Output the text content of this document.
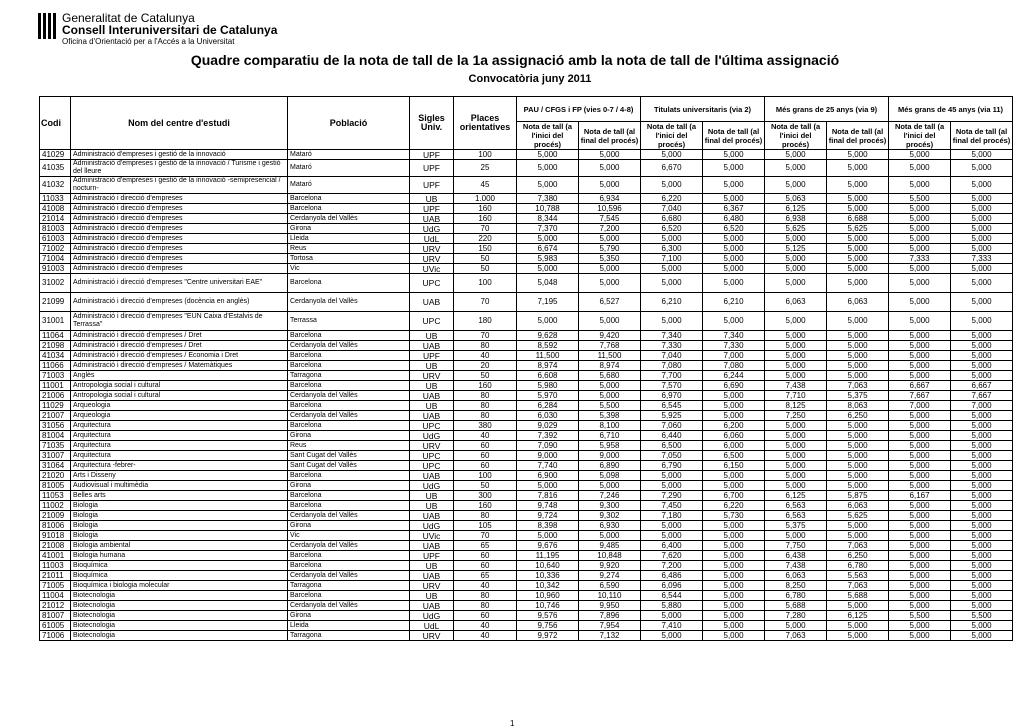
Generalitat de Catalunya
Consell Interuniversitari de Catalunya
Oficina d'Orientació per a l'Accés a la Universitat
Quadre comparatiu de la nota de tall de la 1a assignació amb la nota de tall de l'última assignació
Convocatòria juny 2011
Codi	Nom del centre d'estudi	Població	Sigles Univ.	Places orientatives	PAU / CFGS i FP (vies 0-7 / 4-8)		Titulats universitaris (via 2)		Més grans de 25 anys (via 9)		Més grans de 45 anys (via 11)	
					Nota de tall (a l'inici del procés)	Nota de tall (al final del procés)	Nota de tall (a l'inici del procés)	Nota de tall (al final del procés)	Nota de tall (a l'inici del procés)	Nota de tall (al final del procés)	Nota de tall (a l'inici del procés)	Nota de tall (al final del procés)
41029	Administració d'empreses i gestió de la innovació	Mataró	UPF	100	5,000	5,000	5,000	5,000	5,000	5,000	5,000	5,000
41035	Administració d'empreses i gestió de la innovació / Turisme i gestió del lleure	Mataró	UPF	25	5,000	5,000	6,670	5,000	5,000	5,000	5,000	5,000
41032	Administració d'empreses i gestió de la innovació -semipresencial / nocturn-	Mataró	UPF	45	5,000	5,000	5,000	5,000	5,000	5,000	5,000	5,000
11033	Administració i direcció d'empreses	Barcelona	UB	1.000	7,380	6,934	6,220	5,000	5,063	5,000	5,500	5,000
41008	Administració i direcció d'empreses	Barcelona	UPF	160	10,788	10,596	7,040	6,367	6,125	5,000	5,000	5,000
21014	Administració i direcció d'empreses	Cerdanyola del Vallès	UAB	160	8,344	7,545	6,680	6,480	6,938	6,688	5,000	5,000
81003	Administració i direcció d'empreses	Girona	UdG	70	7,370	7,200	6,520	6,520	5,625	5,625	5,000	5,000
61003	Administració i direcció d'empreses	Lleida	UdL	220	5,000	5,000	5,000	5,000	5,000	5,000	5,000	5,000
71002	Administració i direcció d'empreses	Reus	URV	150	6,674	5,790	6,300	5,000	5,125	5,000	5,000	5,000
71004	Administració i direcció d'empreses	Tortosa	URV	50	5,983	5,350	7,100	5,000	5,000	5,000	7,333	7,333
91003	Administració i direcció d'empreses	Vic	UVic	50	5,000	5,000	5,000	5,000	5,000	5,000	5,000	5,000
31002	Administració i direcció d'empreses "Centre universitari EAE"	Barcelona	UPC	100	5,048	5,000	5,000	5,000	5,000	5,000	5,000	5,000
21099	Administració i direcció d'empreses (docència en anglès)	Cerdanyola del Vallès	UAB	70	7,195	6,527	6,210	6,210	6,063	6,063	5,000	5,000
31001	Administració i direcció d'empreses "EUN Caixa d'Estalvis de Terrassa"	Terrassa	UPC	180	5,000	5,000	5,000	5,000	5,000	5,000	5,000	5,000
11064	Administració i direcció d'empreses / Dret	Barcelona	UB	70	9,628	9,420	7,340	7,340	5,000	5,000	5,000	5,000
21098	Administració i direcció d'empreses / Dret	Cerdanyola del Vallès	UAB	80	8,592	7,768	7,330	7,330	5,000	5,000	5,000	5,000
41034	Administració i direcció d'empreses / Economia i Dret	Barcelona	UPF	40	11,500	11,500	7,040	7,000	5,000	5,000	5,000	5,000
11066	Administració i direcció d'empreses / Matemàtiques	Barcelona	UB	20	8,974	8,974	7,080	7,080	5,000	5,000	5,000	5,000
71003	Anglès	Tarragona	URV	50	6,608	5,680	7,700	6,244	5,000	5,000	5,000	5,000
11001	Antropologia social i cultural	Barcelona	UB	160	5,980	5,000	7,570	6,690	7,438	7,063	6,667	6,667
21006	Antropologia social i cultural	Cerdanyola del Vallès	UAB	80	5,970	5,000	6,970	5,000	7,710	5,375	7,667	7,667
11029	Arqueologia	Barcelona	UB	80	6,284	5,500	6,545	5,000	8,125	8,063	7,000	7,000
21007	Arqueologia	Cerdanyola del Vallès	UAB	80	6,030	5,398	5,925	5,000	7,250	6,250	5,000	5,000
31056	Arquitectura	Barcelona	UPC	380	9,029	8,100	7,060	6,200	5,000	5,000	5,000	5,000
81004	Arquitectura	Girona	UdG	40	7,392	6,710	6,440	6,060	5,000	5,000	5,000	5,000
71035	Arquitectura	Reus	URV	60	7,090	5,958	6,500	6,000	5,000	5,000	5,000	5,000
31007	Arquitectura	Sant Cugat del Vallès	UPC	60	9,000	9,000	7,050	6,500	5,000	5,000	5,000	5,000
31064	Arquitectura -febrer-	Sant Cugat del Vallès	UPC	60	7,740	6,890	6,790	6,150	5,000	5,000	5,000	5,000
21020	Arts i Disseny	Barcelona	UAB	100	6,900	5,098	5,000	5,000	5,000	5,000	5,000	5,000
81005	Audiovisual i multimèdia	Girona	UdG	50	5,000	5,000	5,000	5,000	5,000	5,000	5,000	5,000
11053	Belles arts	Barcelona	UB	300	7,816	7,246	7,290	6,700	6,125	5,875	6,167	5,000
11002	Biologia	Barcelona	UB	160	9,748	9,300	7,450	6,220	6,563	6,063	5,000	5,000
21009	Biologia	Cerdanyola del Vallès	UAB	80	9,724	9,302	7,180	5,730	6,563	5,625	5,000	5,000
81006	Biologia	Girona	UdG	105	8,398	6,930	5,000	5,000	5,375	5,000	5,000	5,000
91018	Biologia	Vic	UVic	70	5,000	5,000	5,000	5,000	5,000	5,000	5,000	5,000
21008	Biologia ambiental	Cerdanyola del Vallès	UAB	65	9,676	9,485	6,400	5,000	7,750	7,063	5,000	5,000
41001	Biologia humana	Barcelona	UPF	60	11,195	10,848	7,620	5,000	6,438	6,250	5,000	5,000
11003	Bioquímica	Barcelona	UB	60	10,640	9,920	7,200	5,000	7,438	6,780	5,000	5,000
21011	Bioquímica	Cerdanyola del Vallès	UAB	65	10,336	9,274	6,486	5,000	6,063	5,563	5,000	5,000
71005	Bioquímica i biologia molecular	Tarragona	URV	40	10,342	6,590	6,096	5,000	8,250	7,063	5,000	5,000
11004	Biotecnologia	Barcelona	UB	80	10,960	10,110	6,544	5,000	6,780	5,688	5,000	5,000
21012	Biotecnologia	Cerdanyola del Vallès	UAB	80	10,746	9,950	5,880	5,000	5,688	5,000	5,000	5,000
81007	Biotecnologia	Girona	UdG	60	9,576	7,896	5,000	5,000	7,280	6,125	5,500	5,500
61005	Biotecnologia	Lleida	UdL	40	9,756	7,954	7,410	5,000	5,000	5,000	5,000	5,000
71006	Biotecnologia	Tarragona	URV	40	9,972	7,132	5,000	5,000	7,063	5,000	5,000	5,000
1
